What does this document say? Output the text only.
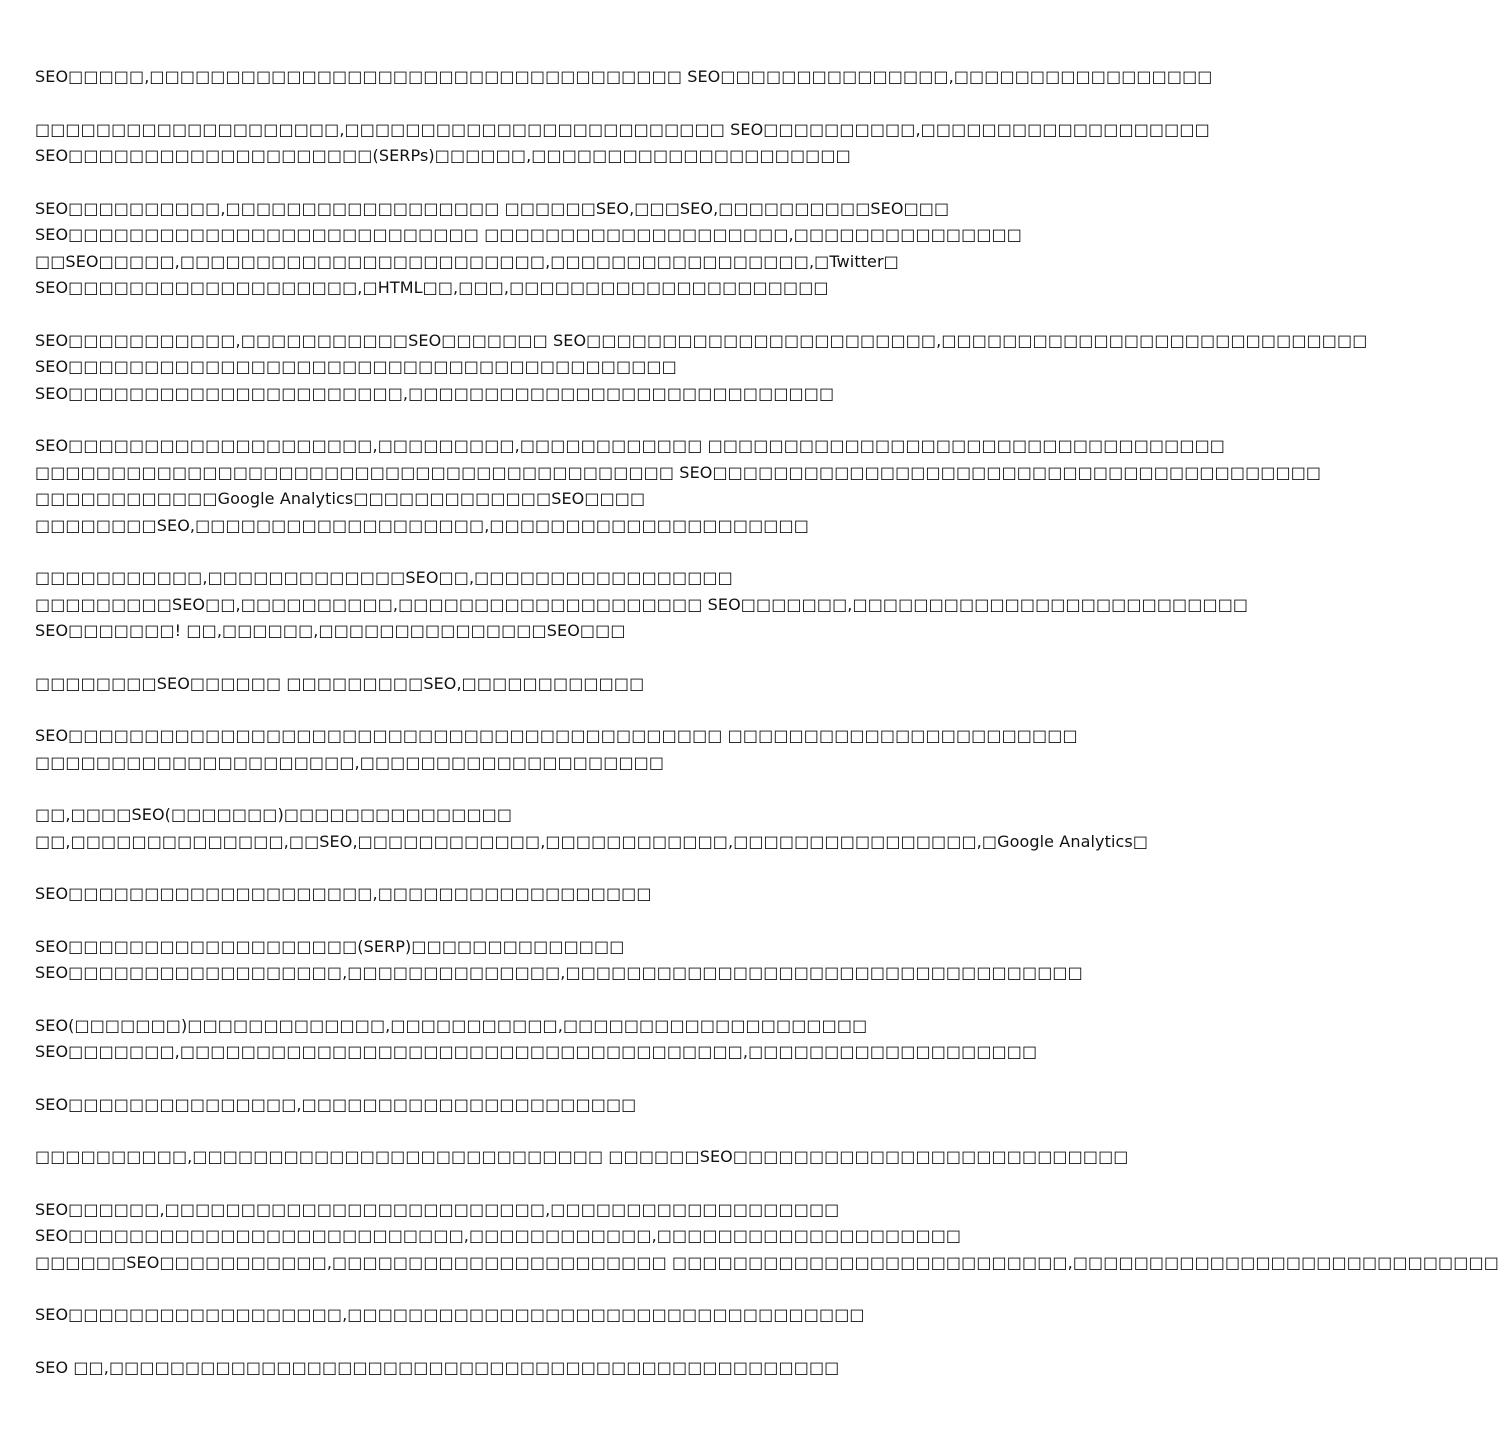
SEO□□□□□,□□□□□□□□□□□□□□□□□□□□□□□□□□□□□□□□□□□ SEO□□□□□□□□□□□□□□□,□□□□□□□□□□□□□□□□□
□□□□□□□□□□□□□□□□□□□□,□□□□□□□□□□□□□□□□□□□□□□□□□ SEO□□□□□□□□□□,□□□□□□□□□□□□□□□□□□□
SEO□□□□□□□□□□□□□□□□□□□□(SERPs)□□□□□□,□□□□□□□□□□□□□□□□□□□□□
SEO□□□□□□□□□□,□□□□□□□□□□□□□□□□□□ □□□□□□SEO,□□□SEO,□□□□□□□□□□SEO□□□
SEO□□□□□□□□□□□□□□□□□□□□□□□□□□□ □□□□□□□□□□□□□□□□□□□□,□□□□□□□□□□□□□□□
□□SEO□□□□□,□□□□□□□□□□□□□□□□□□□□□□□□,□□□□□□□□□□□□□□□□□,□Twitter□
SEO□□□□□□□□□□□□□□□□□□□,□HTML□□,□□□,□□□□□□□□□□□□□□□□□□□□□
SEO□□□□□□□□□□□,□□□□□□□□□□□SEO□□□□□□□ SEO□□□□□□□□□□□□□□□□□□□□□□□,□□□□□□□□□□□□□□□□□□□□□□□□□□□□
SEO□□□□□□□□□□□□□□□□□□□□□□□□□□□□□□□□□□□□□□□□
SEO□□□□□□□□□□□□□□□□□□□□□□,□□□□□□□□□□□□□□□□□□□□□□□□□□□□
SEO□□□□□□□□□□□□□□□□□□□□,□□□□□□□□□,□□□□□□□□□□□□ □□□□□□□□□□□□□□□□□□□□□□□□□□□□□□□□□□
□□□□□□□□□□□□□□□□□□□□□□□□□□□□□□□□□□□□□□□□□□ SEO□□□□□□□□□□□□□□□□□□□□□□□□□□□□□□□□□□□□□□□□
□□□□□□□□□□□□Google Analytics□□□□□□□□□□□□□SEO□□□□
□□□□□□□□SEO,□□□□□□□□□□□□□□□□□□□,□□□□□□□□□□□□□□□□□□□□□
□□□□□□□□□□□,□□□□□□□□□□□□□SEO□□,□□□□□□□□□□□□□□□□□
□□□□□□□□□SEO□□,□□□□□□□□□□,□□□□□□□□□□□□□□□□□□□□ SEO□□□□□□□,□□□□□□□□□□□□□□□□□□□□□□□□□□
SEO□□□□□□□! □□,□□□□□□,□□□□□□□□□□□□□□□SEO□□□
□□□□□□□□SEO□□□□□□ □□□□□□□□□SEO,□□□□□□□□□□□□
SEO□□□□□□□□□□□□□□□□□□□□□□□□□□□□□□□□□□□□□□□□□□□ □□□□□□□□□□□□□□□□□□□□□□□
□□□□□□□□□□□□□□□□□□□□□,□□□□□□□□□□□□□□□□□□□□
□□,□□□□SEO(□□□□□□□)□□□□□□□□□□□□□□□
□□,□□□□□□□□□□□□□□,□□SEO,□□□□□□□□□□□□,□□□□□□□□□□□□,□□□□□□□□□□□□□□□□,□Google Analytics□
SEO□□□□□□□□□□□□□□□□□□□□,□□□□□□□□□□□□□□□□□□
SEO□□□□□□□□□□□□□□□□□□□(SERP)□□□□□□□□□□□□□□
SEO□□□□□□□□□□□□□□□□□□,□□□□□□□□□□□□□□,□□□□□□□□□□□□□□□□□□□□□□□□□□□□□□□□□□
SEO(□□□□□□□)□□□□□□□□□□□□□,□□□□□□□□□□□,□□□□□□□□□□□□□□□□□□□□
SEO□□□□□□□,□□□□□□□□□□□□□□□□□□□□□□□□□□□□□□□□□□□□□,□□□□□□□□□□□□□□□□□□□
SEO□□□□□□□□□□□□□□□,□□□□□□□□□□□□□□□□□□□□□□
□□□□□□□□□□,□□□□□□□□□□□□□□□□□□□□□□□□□□□ □□□□□□SEO□□□□□□□□□□□□□□□□□□□□□□□□□□
SEO□□□□□□,□□□□□□□□□□□□□□□□□□□□□□□□□,□□□□□□□□□□□□□□□□□□□
SEO□□□□□□□□□□□□□□□□□□□□□□□□□□,□□□□□□□□□□□□,□□□□□□□□□□□□□□□□□□□□
□□□□□□SEO□□□□□□□□□□□,□□□□□□□□□□□□□□□□□□□□□□ □□□□□□□□□□□□□□□□□□□□□□□□□□,□□□□□□□□□□□□□□□□□□□□□□□□□□□□
SEO□□□□□□□□□□□□□□□□□□,□□□□□□□□□□□□□□□□□□□□□□□□□□□□□□□□□□
SEO □□,□□□□□□□□□□□□□□□□□□□□□□□□□□□□□□□□□□□□□□□□□□□□□□□□
